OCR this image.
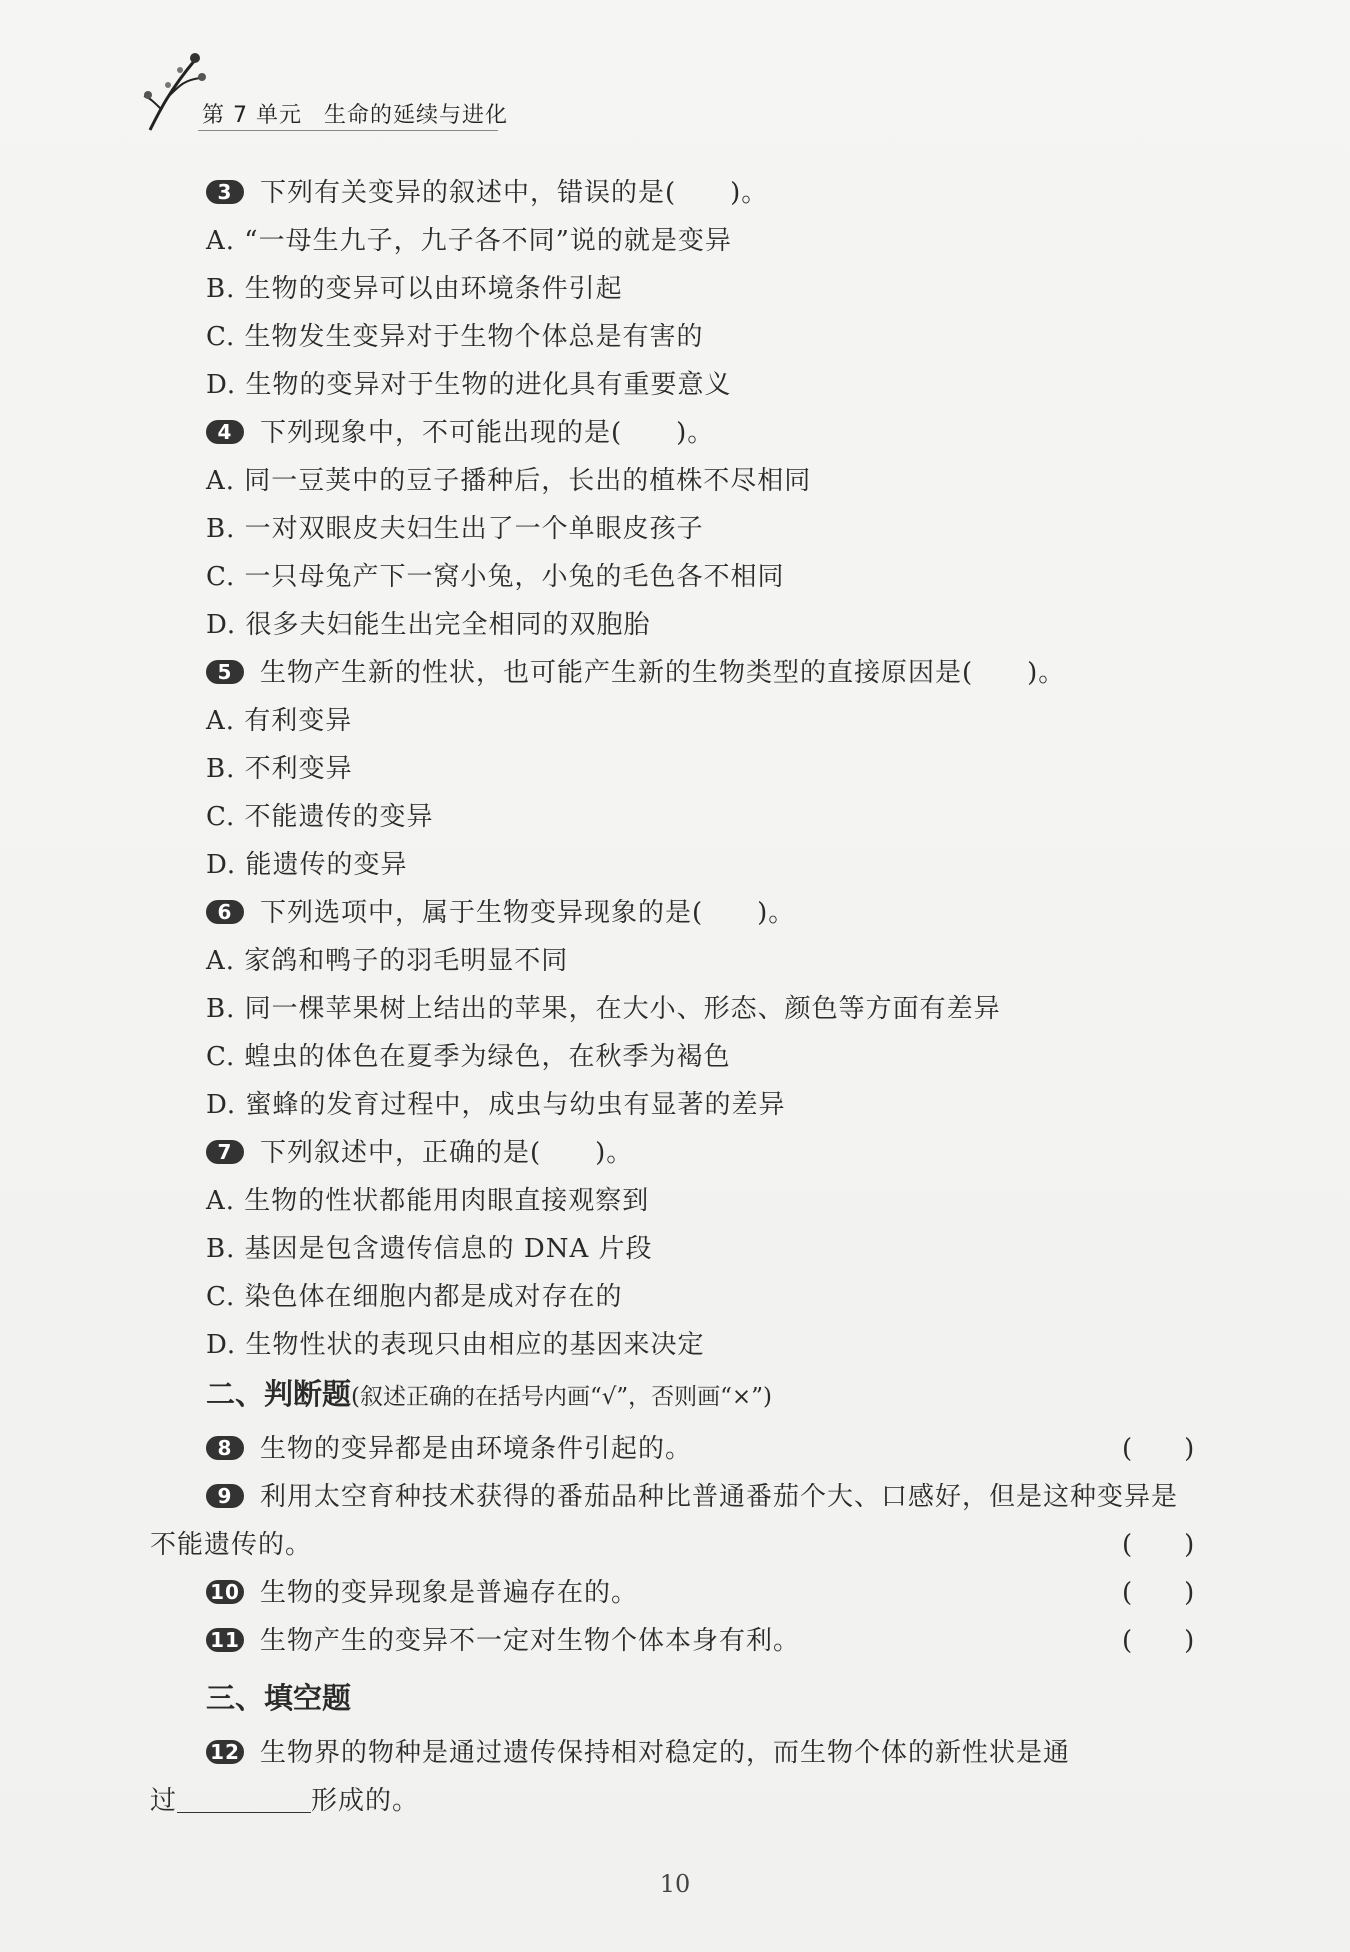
第 7 单元 生命的延续与进化
3 下列有关变异的叙述中，错误的是(　　)。
A. “一母生九子，九子各不同”说的就是变异
B. 生物的变异可以由环境条件引起
C. 生物发生变异对于生物个体总是有害的
D. 生物的变异对于生物的进化具有重要意义
4 下列现象中，不可能出现的是(　　)。
A. 同一豆荚中的豆子播种后，长出的植株不尽相同
B. 一对双眼皮夫妇生出了一个单眼皮孩子
C. 一只母兔产下一窝小兔，小兔的毛色各不相同
D. 很多夫妇能生出完全相同的双胞胎
5 生物产生新的性状，也可能产生新的生物类型的直接原因是(　　)。
A. 有利变异
B. 不利变异
C. 不能遗传的变异
D. 能遗传的变异
6 下列选项中，属于生物变异现象的是(　　)。
A. 家鸽和鸭子的羽毛明显不同
B. 同一棵苹果树上结出的苹果，在大小、形态、颜色等方面有差异
C. 蝗虫的体色在夏季为绿色，在秋季为褐色
D. 蜜蜂的发育过程中，成虫与幼虫有显著的差异
7 下列叙述中，正确的是(　　)。
A. 生物的性状都能用肉眼直接观察到
B. 基因是包含遗传信息的 DNA 片段
C. 染色体在细胞内都是成对存在的
D. 生物性状的表现只由相应的基因来决定
二、判断题(叙述正确的在括号内画“√”，否则画“×”)
8 生物的变异都是由环境条件引起的。	(　　)
9 利用太空育种技术获得的番茄品种比普通番茄个大、口感好，但是这种变异是
不能遗传的。	(　　)
10 生物的变异现象是普遍存在的。	(　　)
11 生物产生的变异不一定对生物个体本身有利。	(　　)
三、填空题
12 生物界的物种是通过遗传保持相对稳定的，而生物个体的新性状是通
过	形成的。
10
